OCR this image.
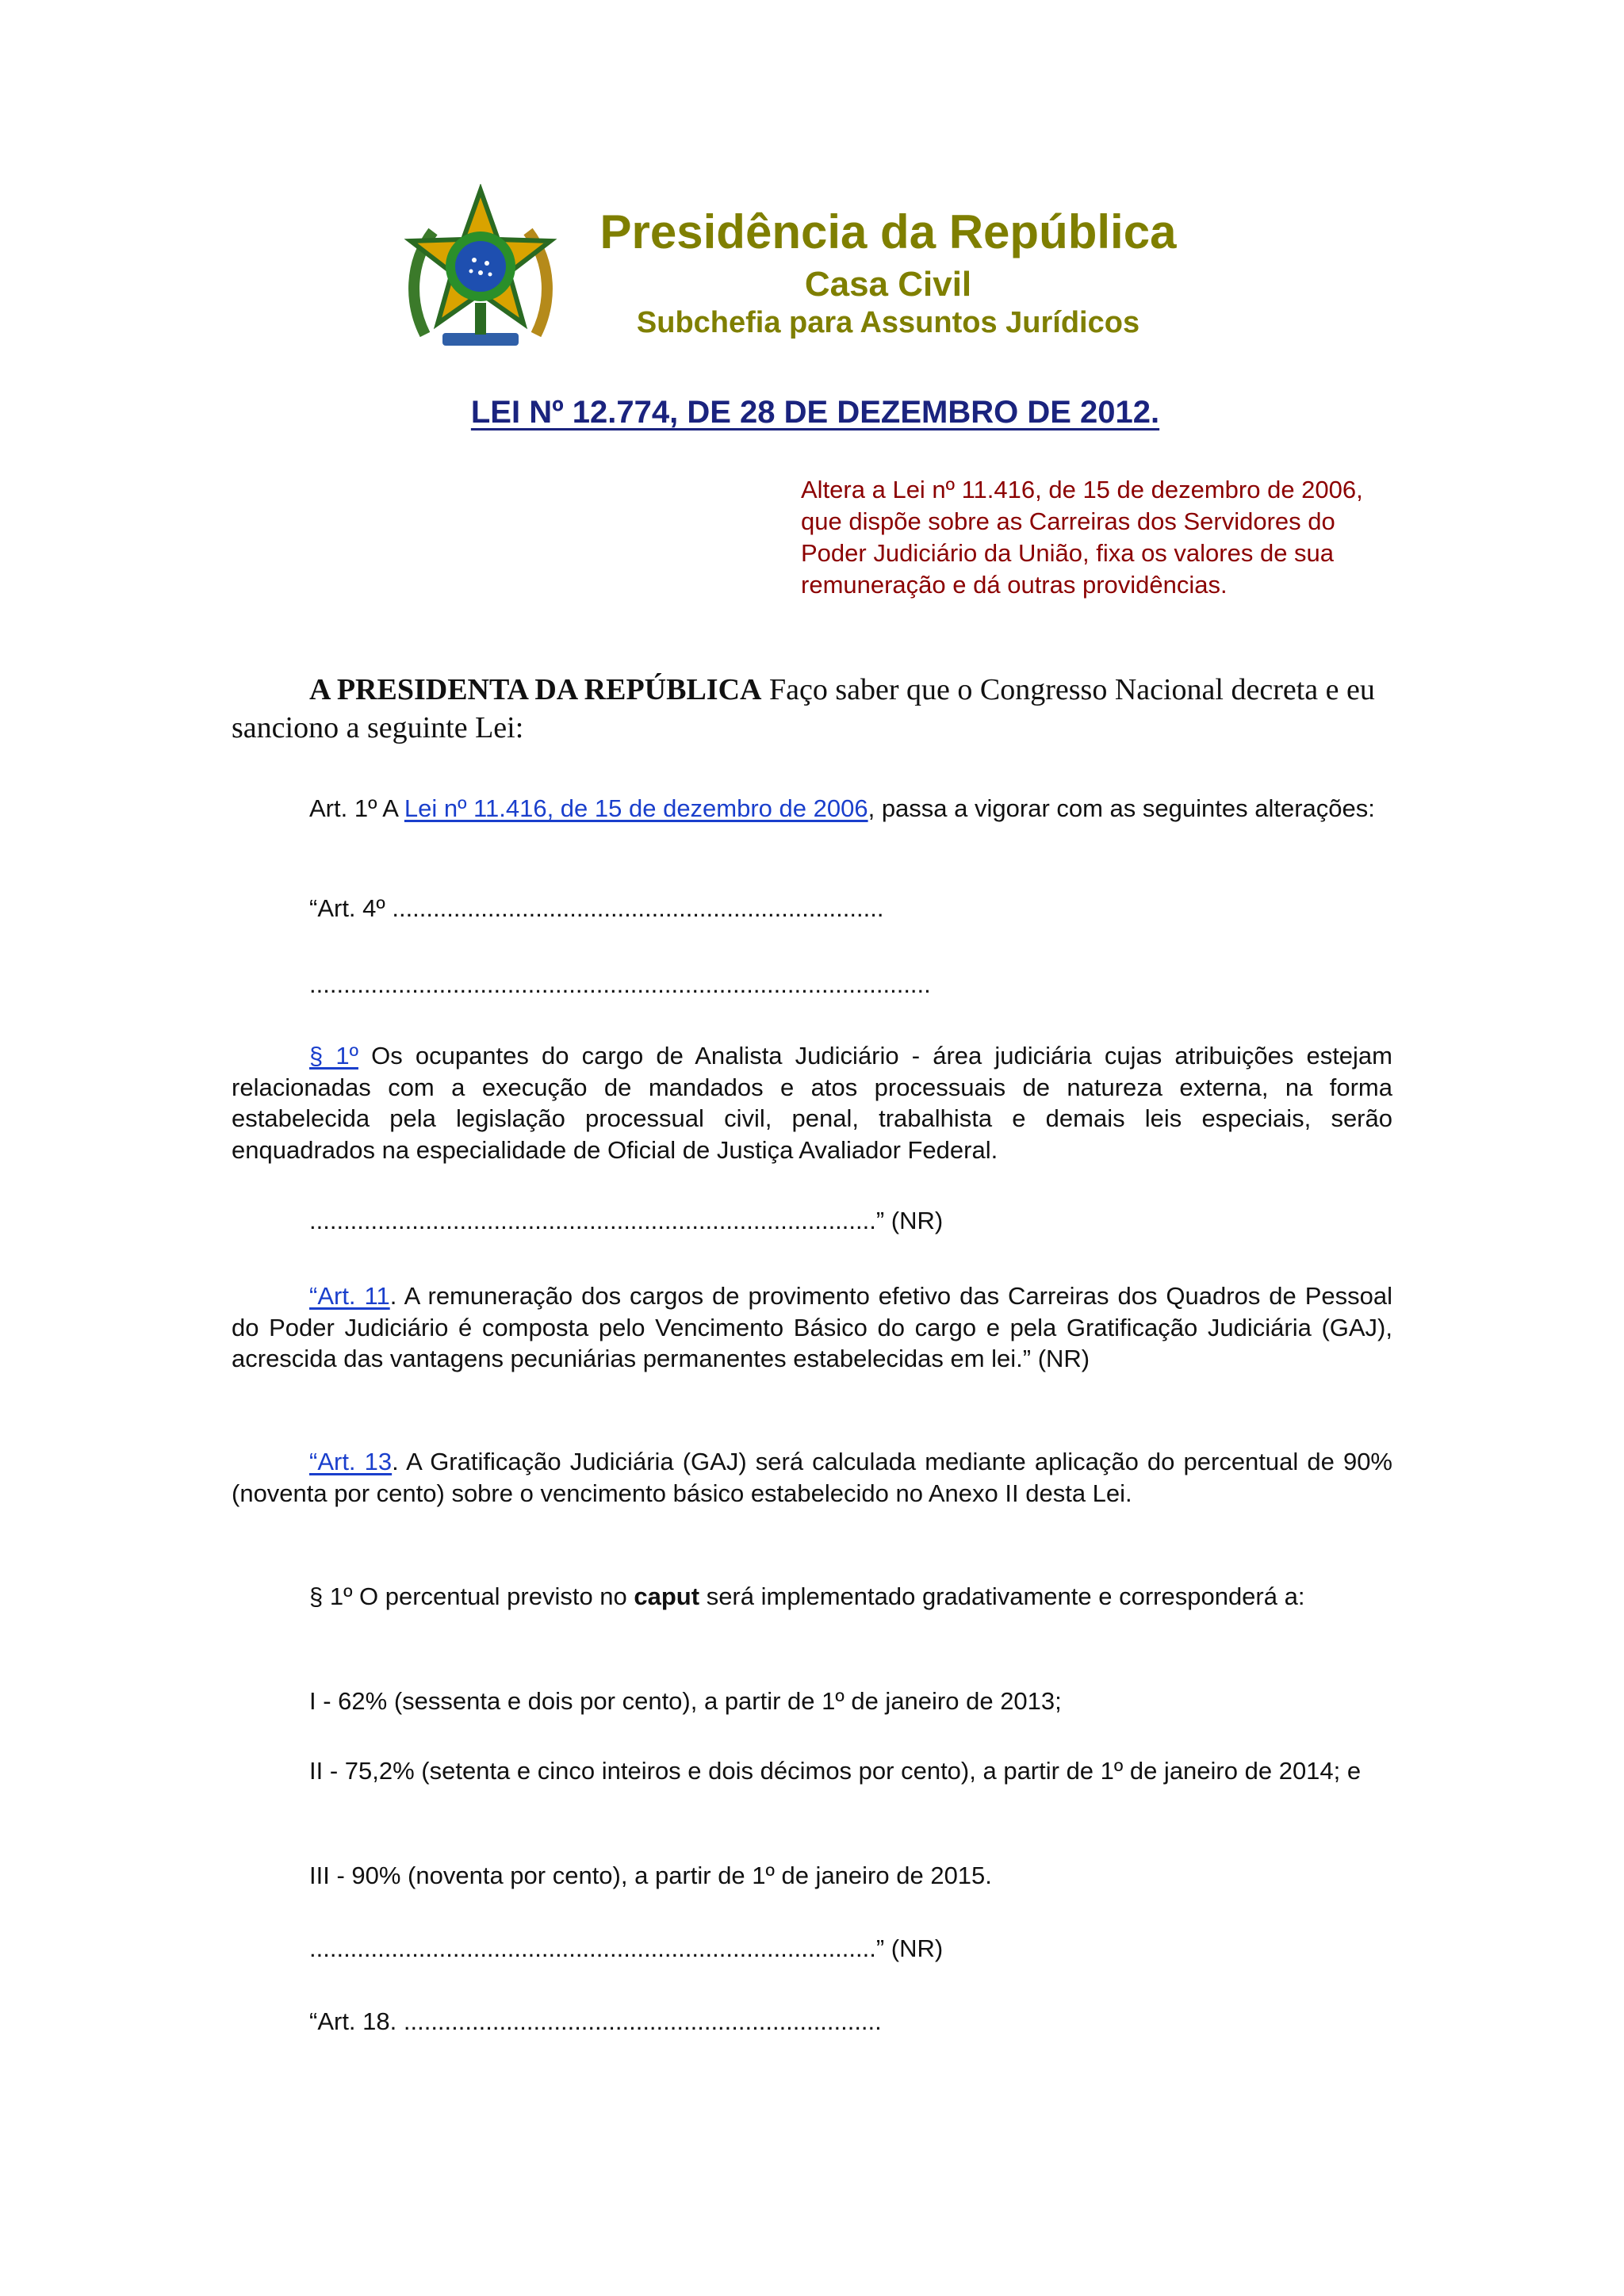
Presidência da República
Casa Civil
Subchefia para Assuntos Jurídicos
LEI Nº 12.774, DE 28 DE DEZEMBRO DE 2012.
Altera a Lei nº 11.416, de 15 de dezembro de 2006, que dispõe sobre as Carreiras dos Servidores do Poder Judiciário da União, fixa os valores de sua remuneração e dá outras providências.
A PRESIDENTA DA REPÚBLICA Faço saber que o Congresso Nacional decreta e eu sanciono a seguinte Lei:
Art. 1º A Lei nº 11.416, de 15 de dezembro de 2006, passa a vigorar com as seguintes alterações:
“Art. 4º ........................................................................
...........................................................................................
§ 1º Os ocupantes do cargo de Analista Judiciário - área judiciária cujas atribuições estejam relacionadas com a execução de mandados e atos processuais de natureza externa, na forma estabelecida pela legislação processual civil, penal, trabalhista e demais leis especiais, serão enquadrados na especialidade de Oficial de Justiça Avaliador Federal.
...................................................................................” (NR)
“Art. 11. A remuneração dos cargos de provimento efetivo das Carreiras dos Quadros de Pessoal do Poder Judiciário é composta pelo Vencimento Básico do cargo e pela Gratificação Judiciária (GAJ), acrescida das vantagens pecuniárias permanentes estabelecidas em lei.” (NR)
“Art. 13. A Gratificação Judiciária (GAJ) será calculada mediante aplicação do percentual de 90% (noventa por cento) sobre o vencimento básico estabelecido no Anexo II desta Lei.
§ 1º O percentual previsto no caput será implementado gradativamente e corresponderá a:
I - 62% (sessenta e dois por cento), a partir de 1º de janeiro de 2013;
II - 75,2% (setenta e cinco inteiros e dois décimos por cento), a partir de 1º de janeiro de 2014; e
III - 90% (noventa por cento), a partir de 1º de janeiro de 2015.
...................................................................................” (NR)
“Art. 18. ......................................................................
